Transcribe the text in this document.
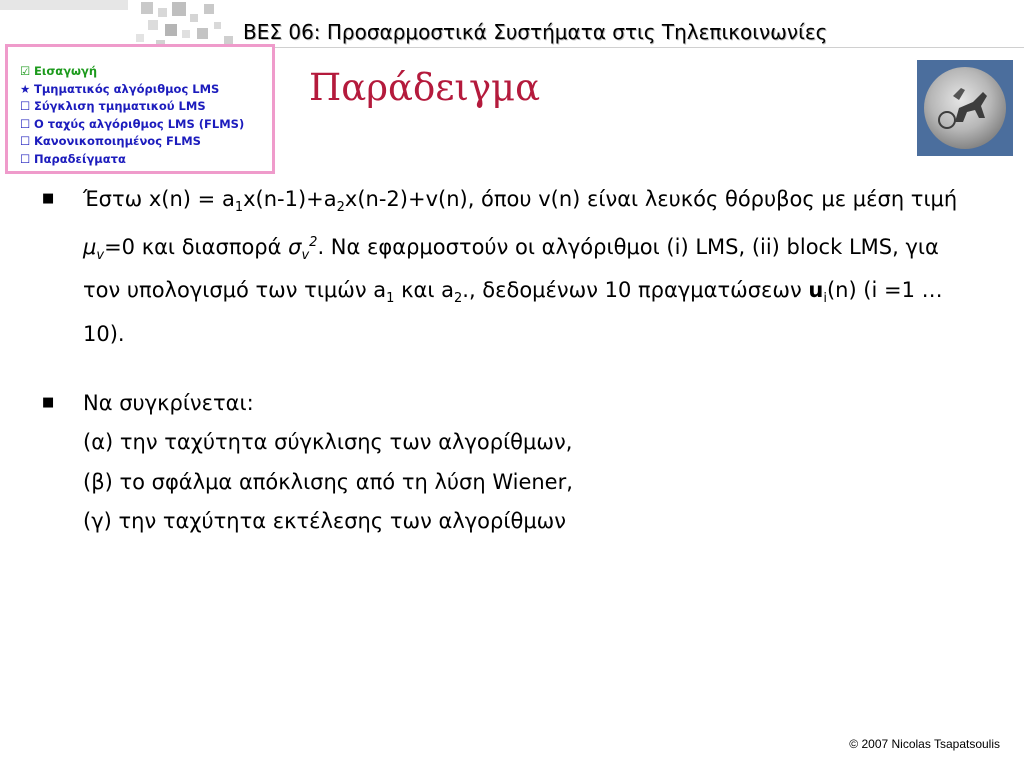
ΒΕΣ 06: Προσαρμοστικά Συστήματα στις Τηλεπικοινωνίες
☑ Εισαγωγή
★ Τμηματικός αλγόριθμος LMS
☐ Σύγκλιση τμηματικού LMS
☐ Ο ταχύς αλγόριθμος LMS (FLMS)
☐ Κανονικοποιημένος FLMS
☐ Παραδείγματα
Παράδειγμα
■ Έστω $x(n) = a_1x(n-1)+a_2x(n-2)+v(n)$, όπου v(n) είναι λευκός θόρυβος με μέση τιμή $\mu_v=0$ και διασπορά $\sigma_v^2$. Να εφαρμοστούν οι αλγόριθμοι (i) LMS, (ii) block LMS, για τον υπολογισμό των τιμών $a_1$ και $a_2$., δεδομένων 10 πραγματώσεων $u_i(n)$ (i =1 …10).
■ Να συγκρίνεται:
(α) την ταχύτητα σύγκλισης των αλγορίθμων,
(β) το σφάλμα απόκλισης από τη λύση Wiener,
(γ) την ταχύτητα εκτέλεσης των αλγορίθμων
© 2007 Nicolas Tsapatsoulis
